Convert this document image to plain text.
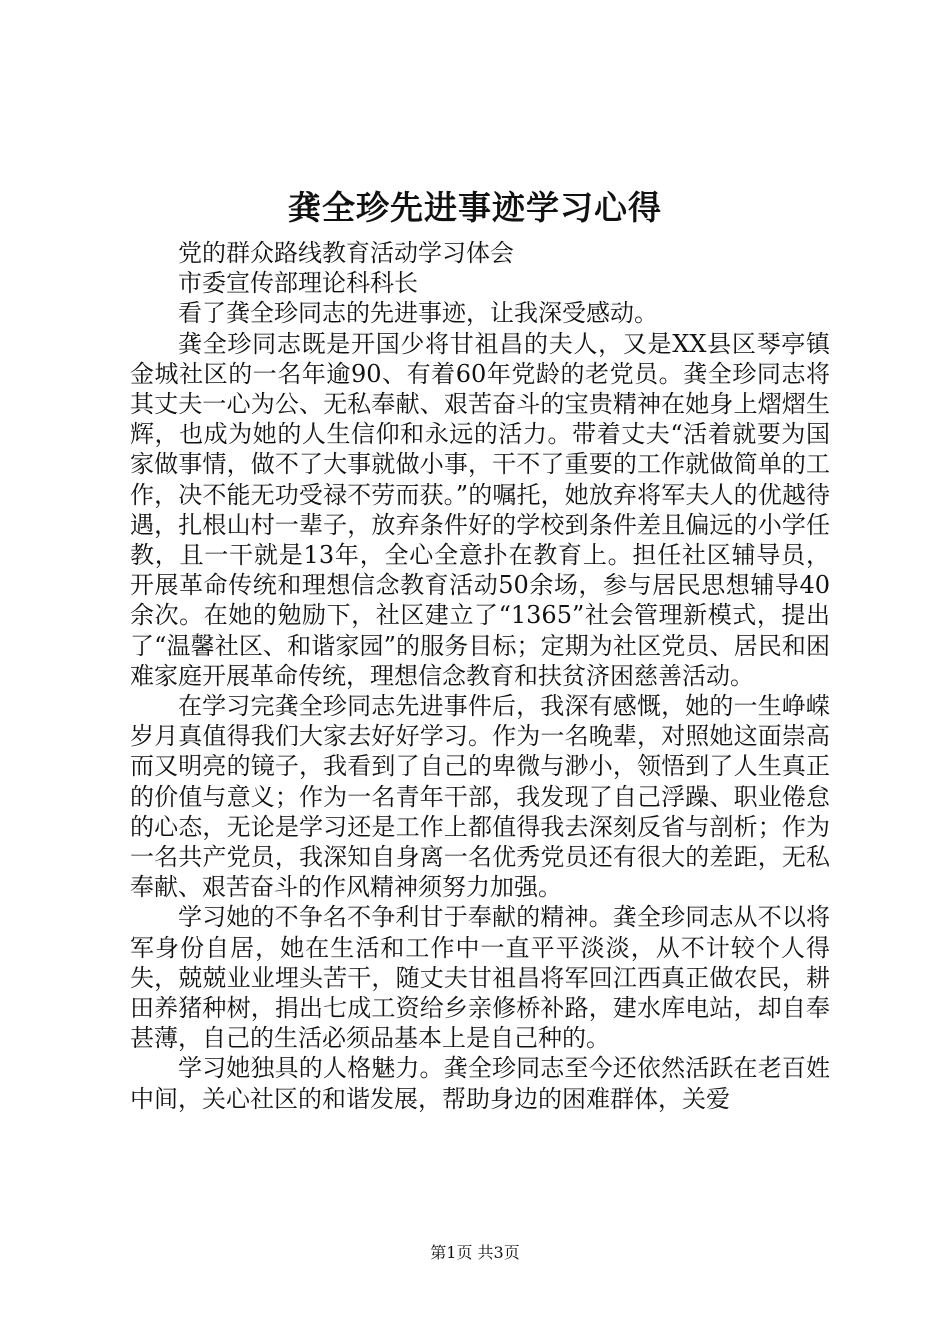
龚全珍先进事迹学习心得

党的群众路线教育活动学习体会

市委宣传部理论科科长

看了龚全珍同志的先进事迹，让我深受感动。

龚全珍同志既是开国少将甘祖昌的夫人，又是XX县区琴亭镇金城社区的一名年逾90、有着60年党龄的老党员。龚全珍同志将其丈夫一心为公、无私奉献、艰苦奋斗的宝贵精神在她身上熠熠生辉，也成为她的人生信仰和永远的活力。带着丈夫“活着就要为国家做事情，做不了大事就做小事，干不了重要的工作就做简单的工作，决不能无功受禄不劳而获。”的嘱托，她放弃将军夫人的优越待遇，扎根山村一辈子，放弃条件好的学校到条件差且偏远的小学任教，且一干就是13年，全心全意扑在教育上。担任社区辅导员，开展革命传统和理想信念教育活动50余场，参与居民思想辅导40余次。在她的勉励下，社区建立了“1365”社会管理新模式，提出了“温馨社区、和谐家园”的服务目标；定期为社区党员、居民和困难家庭开展革命传统，理想信念教育和扶贫济困慈善活动。

在学习完龚全珍同志先进事件后，我深有感慨，她的一生峥嵘岁月真值得我们大家去好好学习。作为一名晚辈，对照她这面崇高而又明亮的镜子，我看到了自己的卑微与渺小，领悟到了人生真正的价值与意义；作为一名青年干部，我发现了自己浮躁、职业倦怠的心态，无论是学习还是工作上都值得我去深刻反省与剖析；作为一名共产党员，我深知自身离一名优秀党员还有很大的差距，无私奉献、艰苦奋斗的作风精神须努力加强。

学习她的不争名不争利甘于奉献的精神。龚全珍同志从不以将军身份自居，她在生活和工作中一直平平淡淡，从不计较个人得失，兢兢业业埋头苦干，随丈夫甘祖昌将军回江西真正做农民，耕田养猪种树，捐出七成工资给乡亲修桥补路，建水库电站，却自奉甚薄，自己的生活必须品基本上是自己种的。

学习她独具的人格魅力。龚全珍同志至今还依然活跃在老百姓中间，关心社区的和谐发展，帮助身边的困难群体，关爱

第1页 共3页
